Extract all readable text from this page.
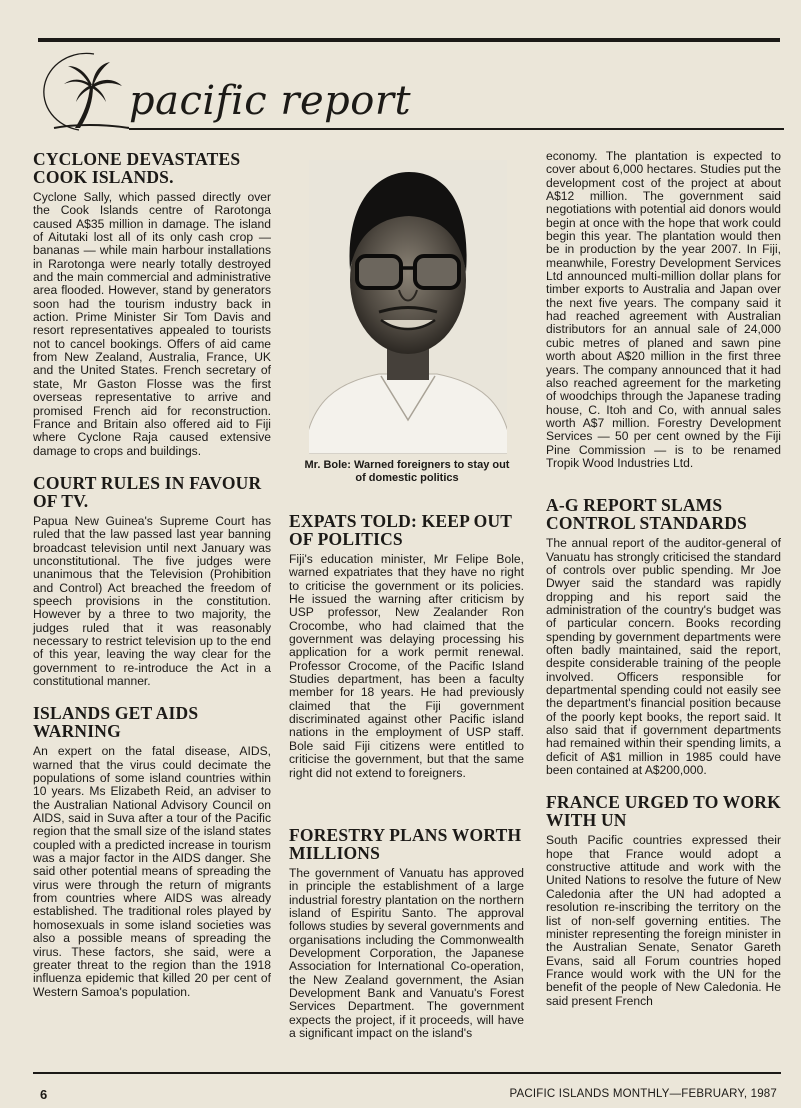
pacific report
CYCLONE DEVASTATES COOK ISLANDS.

Cyclone Sally, which passed directly over the Cook Islands centre of Rarotonga caused A$35 million in damage. The island of Aitutaki lost all of its only cash crop — bananas — while main harbour installations in Rarotonga were nearly totally destroyed and the main commercial and administrative area flooded. However, stand by generators soon had the tourism industry back in action. Prime Minister Sir Tom Davis and resort representatives appealed to tourists not to cancel bookings. Offers of aid came from New Zealand, Australia, France, UK and the United States. French secretary of state, Mr Gaston Flosse was the first overseas representative to arrive and promised French aid for reconstruction. France and Britain also offered aid to Fiji where Cyclone Raja caused extensive damage to crops and buildings.

COURT RULES IN FAVOUR OF TV.

Papua New Guinea's Supreme Court has ruled that the law passed last year banning broadcast television until next January was unconstitutional. The five judges were unanimous that the Television (Prohibition and Control) Act breached the freedom of speech provisions in the constitution. However by a three to two majority, the judges ruled that it was reasonably necessary to restrict television up to the end of this year, leaving the way clear for the government to re-introduce the Act in a constitutional manner.

ISLANDS GET AIDS WARNING

An expert on the fatal disease, AIDS, warned that the virus could decimate the populations of some island countries within 10 years. Ms Elizabeth Reid, an adviser to the Australian National Advisory Council on AIDS, said in Suva after a tour of the Pacific region that the small size of the island states coupled with a predicted increase in tourism was a major factor in the AIDS danger. She said other potential means of spreading the virus were through the return of migrants from countries where AIDS was already established. The traditional roles played by homosexuals in some island societies was also a possible means of spreading the virus. These factors, she said, were a greater threat to the region than the 1918 influenza epidemic that killed 20 per cent of Western Samoa's population.

Mr. Bole: Warned foreigners to stay out of domestic politics
EXPATS TOLD: KEEP OUT OF POLITICS

Fiji's education minister, Mr Felipe Bole, warned expatriates that they have no right to criticise the government or its policies. He issued the warning after criticism by USP professor, New Zealander Ron Crocombe, who had claimed that the government was delaying processing his application for a work permit renewal. Professor Crocome, of the Pacific Island Studies department, has been a faculty member for 18 years. He had previously claimed that the Fiji government discriminated against other Pacific island nations in the employment of USP staff. Bole said Fiji citizens were entitled to criticise the government, but that the same right did not extend to foreigners.

FORESTRY PLANS WORTH MILLIONS

The government of Vanuatu has approved in principle the establishment of a large industrial forestry plantation on the northern island of Espiritu Santo. The approval follows studies by several governments and organisations including the Commonwealth Development Corporation, the Japanese Association for International Co-operation, the New Zealand government, the Asian Development Bank and Vanuatu's Forest Services Department. The government expects the project, if it proceeds, will have a significant impact on the island's

economy. The plantation is expected to cover about 6,000 hectares. Studies put the development cost of the project at about A$12 million. The government said negotiations with potential aid donors would begin at once with the hope that work could begin this year. The plantation would then be in production by the year 2007. In Fiji, meanwhile, Forestry Development Services Ltd announced multi-million dollar plans for timber exports to Australia and Japan over the next five years. The company said it had reached agreement with Australian distributors for an annual sale of 24,000 cubic metres of planed and sawn pine worth about A$20 million in the first three years. The company announced that it had also reached agreement for the marketing of woodchips through the Japanese trading house, C. Itoh and Co, with annual sales worth A$7 million. Forestry Development Services — 50 per cent owned by the Fiji Pine Commission — is to be renamed Tropik Wood Industries Ltd.

A-G REPORT SLAMS CONTROL STANDARDS

The annual report of the auditor-general of Vanuatu has strongly criticised the standard of controls over public spending. Mr Joe Dwyer said the standard was rapidly dropping and his report said the administration of the country's budget was of particular concern. Books recording spending by government departments were often badly maintained, said the report, despite considerable training of the people involved. Officers responsible for departmental spending could not easily see the department's financial position because of the poorly kept books, the report said. It also said that if government departments had remained within their spending limits, a deficit of A$1 million in 1985 could have been contained at A$200,000.

FRANCE URGED TO WORK WITH UN

South Pacific countries expressed their hope that France would adopt a constructive attitude and work with the United Nations to resolve the future of New Caledonia after the UN had adopted a resolution re-inscribing the territory on the list of non-self governing entities. The minister representing the foreign minister in the Australian Senate, Senator Gareth Evans, said all Forum countries hoped France would work with the UN for the benefit of the people of New Caledonia. He said present French

6	PACIFIC ISLANDS MONTHLY—FEBRUARY, 1987
